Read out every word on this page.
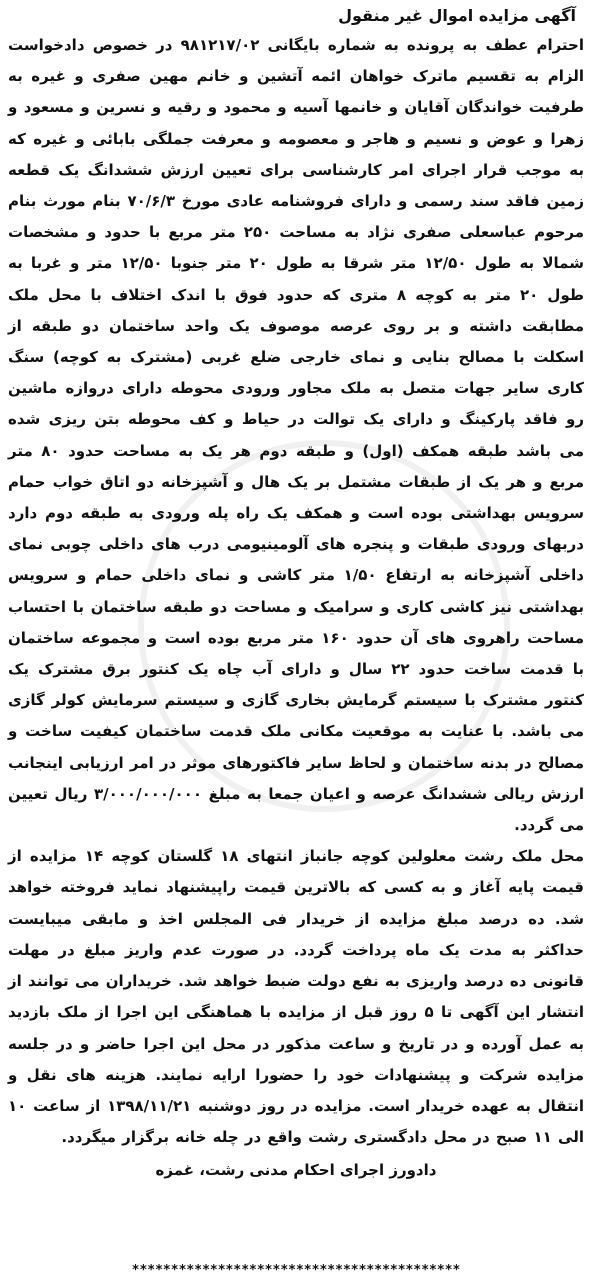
آگهی مزایده اموال غیر منقول

احترام عطف به پرونده به شماره بایگانی ۹۸۱۲۱۷/۰۲ در خصوص دادخواست الزام به تقسیم ماترک خواهان ائمه آتشین و خانم مهین صفری و غیره به طرفیت خواندگان آقایان و خانمها آسیه و محمود و رقیه و نسرین و مسعود و زهرا و عوض و نسیم و هاجر و معصومه و معرفت جملگی بابائی و غیره که به موجب قرار اجرای امر کارشناسی برای تعیین ارزش ششدانگ یک قطعه زمین فاقد سند رسمی و دارای فروشنامه عادی مورخ ۷۰/۶/۳ بنام مورث بنام مرحوم عباسعلی صفری نژاد به مساحت ۲۵۰ متر مربع با حدود و مشخصات شمالا به طول ۱۲/۵۰ متر شرقا به طول ۲۰ متر جنوبا ۱۲/۵۰ متر و غربا به طول ۲۰ متر به کوچه ۸ متری که حدود فوق با اندک اختلاف با محل ملک مطابقت داشته و بر روی عرصه موصوف یک واحد ساختمان دو طبقه از اسکلت با مصالح بنایی و نمای خارجی ضلع غربی (مشترک به کوچه) سنگ کاری سایر جهات متصل به ملک مجاور ورودی محوطه دارای دروازه ماشین رو فاقد پارکینگ و دارای یک توالت در حیاط و کف محوطه بتن ریزی شده می باشد طبقه همکف (اول) و طبقه دوم هر یک به مساحت حدود ۸۰ متر مربع و هر یک از طبقات مشتمل بر یک هال و آشپزخانه دو اتاق خواب حمام سرویس بهداشتی بوده است و همکف یک راه پله ورودی به طبقه دوم دارد دربهای ورودی طبقات و پنجره های آلومینیومی درب های داخلی چوبی نمای داخلی آشپزخانه به ارتفاع ۱/۵۰ متر کاشی و نمای داخلی حمام و سرویس بهداشتی نیز کاشی کاری و سرامیک و مساحت دو طبقه ساختمان با احتساب مساحت راهروی های آن حدود ۱۶۰ متر مربع بوده است و مجموعه ساختمان با قدمت ساخت حدود ۲۲ سال و دارای آب چاه یک کنتور برق مشترک یک کنتور مشترک با سیستم گرمایش بخاری گازی و سیستم سرمایش کولر گازی می باشد. با عنایت به موقعیت مکانی ملک قدمت ساختمان کیفیت ساخت و مصالح در بدنه ساختمان و لحاظ سایر فاکتورهای موثر در امر ارزیابی اینجانب ارزش ریالی ششدانگ عرصه و اعیان جمعا به مبلغ ۳/۰۰۰/۰۰۰/۰۰۰ ریال تعیین می گردد.

محل ملک رشت معلولین کوچه جانباز انتهای ۱۸ گلستان کوچه ۱۴ مزایده از قیمت پایه آغاز و به کسی که بالاترین قیمت راپیشنهاد نماید فروخته خواهد شد. ده درصد مبلغ مزایده از خریدار فی المجلس اخذ و مابقی میبایست حداکثر به مدت یک ماه پرداخت گردد. در صورت عدم واریز مبلغ در مهلت قانونی ده درصد واریزی به نفع دولت ضبط خواهد شد. خریداران می توانند از انتشار این آگهی تا ۵ روز قبل از مزایده با هماهنگی این اجرا از ملک بازدید به عمل آورده و در تاریخ و ساعت مذکور در محل این اجرا حاضر و در جلسه مزایده شرکت و پیشنهادات خود را حضورا ارایه نمایند. هزینه های نقل و انتقال به عهده خریدار است. مزایده در روز دوشنبه ۱۳۹۸/۱۱/۲۱ از ساعت ۱۰ الی ۱۱ صبح در محل دادگستری رشت واقع در چله خانه برگزار میگردد.

دادورز اجرای احکام مدنی رشت، غمزه
******************************************
